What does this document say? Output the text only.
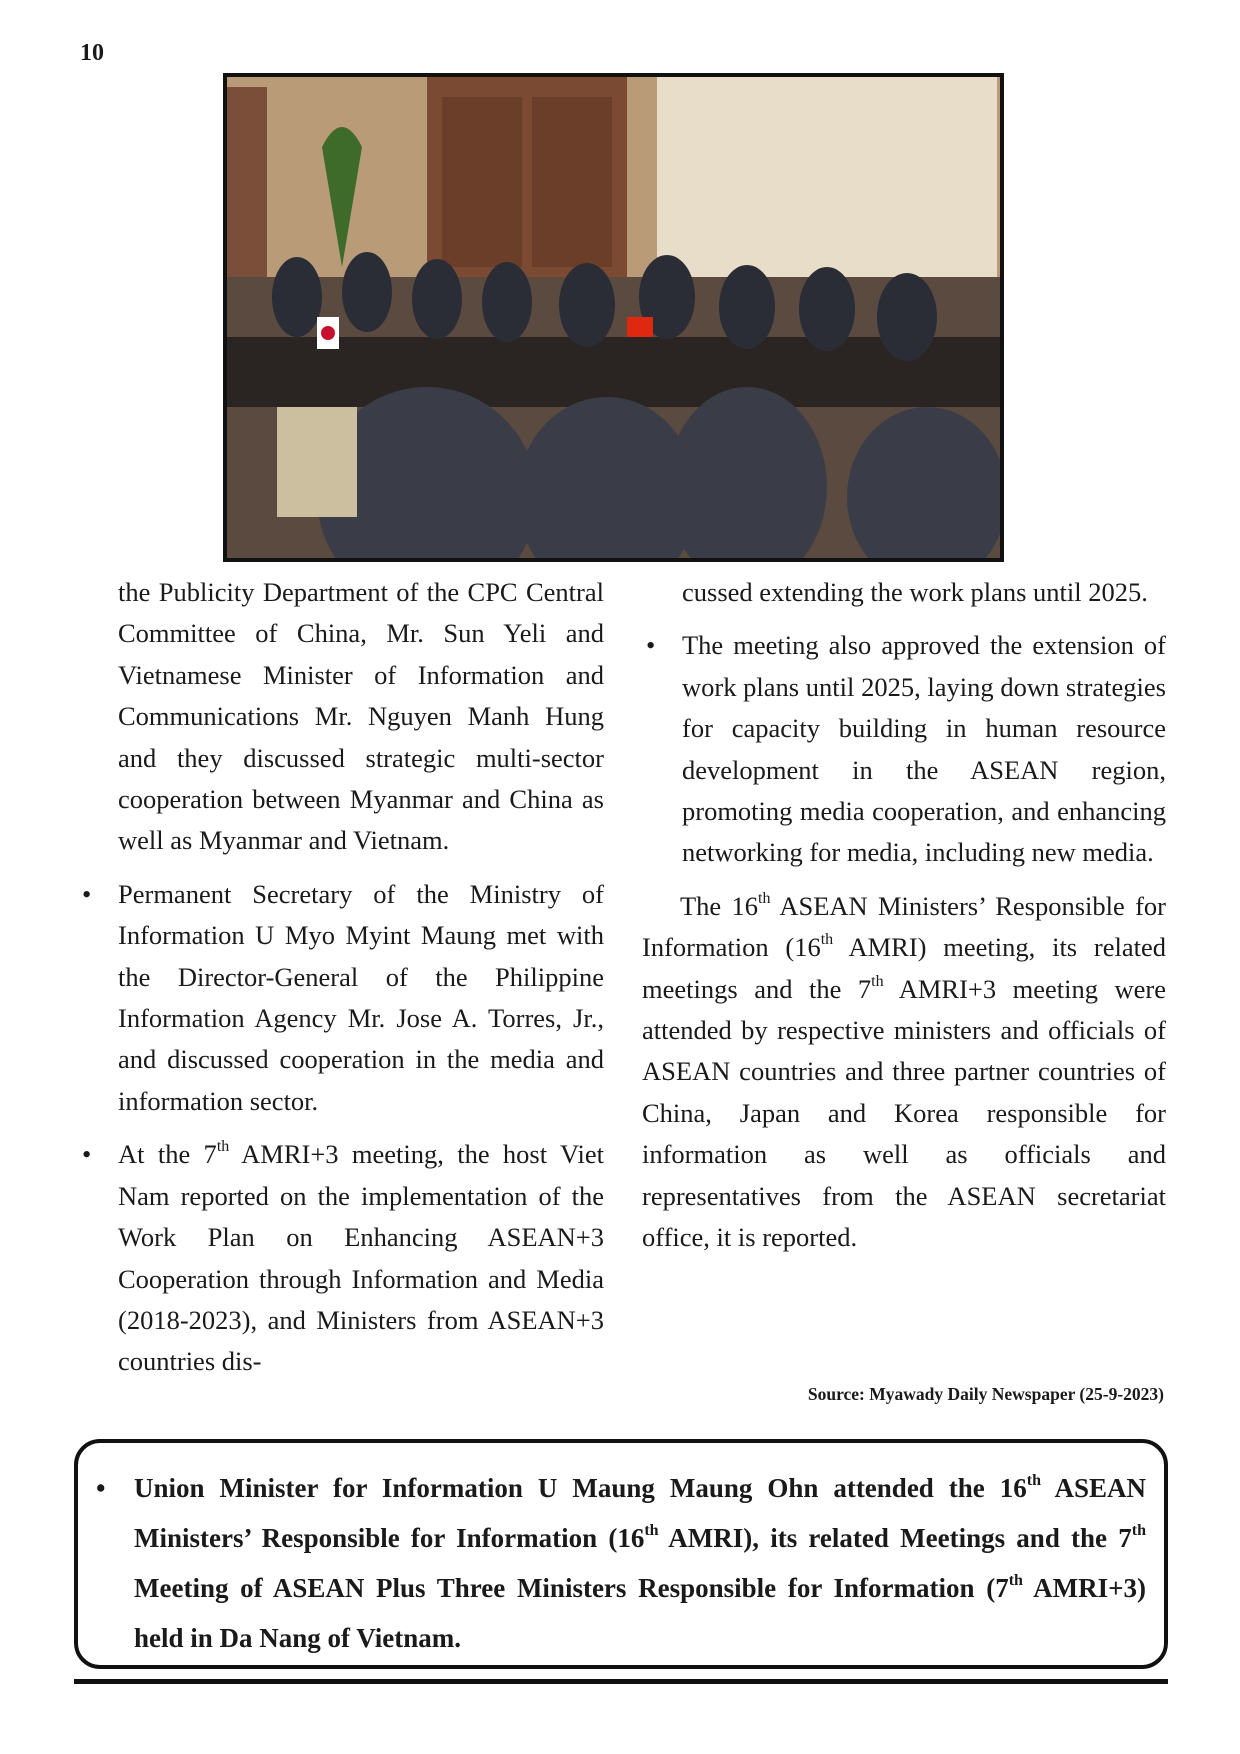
10

the Publicity Department of the CPC Central Committee of China, Mr. Sun Yeli and Vietnamese Minister of Information and Communications Mr. Nguyen Manh Hung and they discussed strategic multi-sector cooperation between Myanmar and China as well as Myanmar and Vietnam.

• Permanent Secretary of the Ministry of Information U Myo Myint Maung met with the Director-General of the Philippine Information Agency Mr. Jose A. Torres, Jr., and discussed cooperation in the media and information sector.
• At the 7th AMRI+3 meeting, the host Viet Nam reported on the implementation of the Work Plan on Enhancing ASEAN+3 Cooperation through Information and Media (2018-2023), and Ministers from ASEAN+3 countries dis-

cussed extending the work plans until 2025.

• The meeting also approved the extension of work plans until 2025, laying down strategies for capacity building in human resource development in the ASEAN region, promoting media cooperation, and enhancing networking for media, including new media.

The 16th ASEAN Ministers’ Responsible for Information (16th AMRI) meeting, its related meetings and the 7th AMRI+3 meeting were attended by respective ministers and officials of ASEAN countries and three partner countries of China, Japan and Korea responsible for information as well as officials and representatives from the ASEAN secretariat office, it is reported.

Source: Myawady Daily Newspaper (25-9-2023)
• Union Minister for Information U Maung Maung Ohn attended the 16th ASEAN Ministers’ Responsible for Information (16th AMRI), its related Meetings and the 7th Meeting of ASEAN Plus Three Ministers Responsible for Information (7th AMRI+3) held in Da Nang of Vietnam.
